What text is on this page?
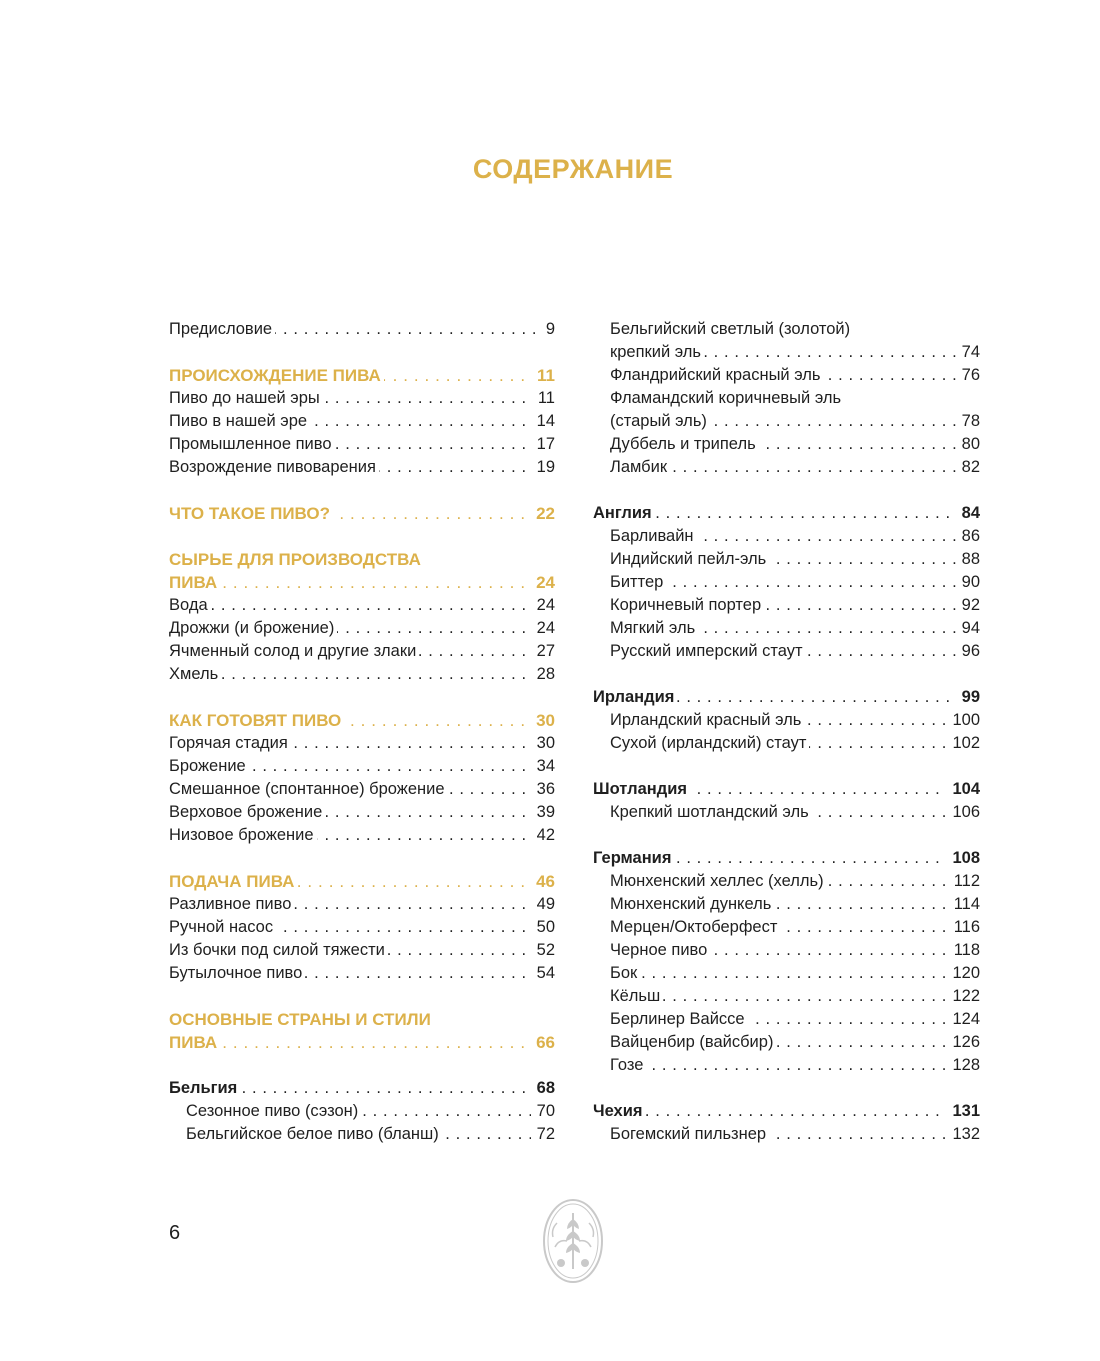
СОДЕРЖАНИЕ
Предисловие	9
. . .
ПРОИСХОЖДЕНИЕ ПИВА	11
. . .
Пиво до нашей эры	11
. . .
Пиво в нашей эре	14
. . .
Промышленное пиво	17
. . .
Возрождение пивоварения	19
. . .
ЧТО ТАКОЕ ПИВО?	22
. . .
СЫРЬЕ ДЛЯ ПРОИЗВОДСТВА
ПИВА	24
. . .
Вода	24
. . .
Дрожжи (и брожение)	24
. . .
Ячменный солод и другие злаки	27
. . .
Хмель	28
. . .
КАК ГОТОВЯТ ПИВО	30
. . .
Горячая стадия	30
. . .
Брожение	34
. . .
Смешанное (спонтанное) брожение	36
. . .
Верховое брожение	39
. . .
Низовое брожение	42
. . .
ПОДАЧА ПИВА	46
. . .
Разливное пиво	49
. . .
Ручной насос	50
. . .
Из бочки под силой тяжести	52
. . .
Бутылочное пиво	54
. . .
ОСНОВНЫЕ СТРАНЫ И СТИЛИ
ПИВА	66
. . .
Бельгия	68
. . .
Сезонное пиво (сэзон)	70
. . .
Бельгийское белое пиво (бланш)	72
. . .
Бельгийский светлый (золотой)
крепкий эль	74
. . .
Фландрийский красный эль	76
. . .
Фламандский коричневый эль
(старый эль)	78
. . .
Дуббель и трипель	80
. . .
Ламбик	82
. . .
Англия	84
. . .
Барливайн	86
. . .
Индийский пейл-эль	88
. . .
Биттер	90
. . .
Коричневый портер	92
. . .
Мягкий эль	94
. . .
Русский имперский стаут	96
. . .
Ирландия	99
. . .
Ирландский красный эль	100
. . .
Сухой (ирландский) стаут	102
. . .
Шотландия	104
. . .
Крепкий шотландский эль	106
. . .
Германия	108
. . .
Мюнхенский хеллес (хелль)	112
. . .
Мюнхенский дункель	114
. . .
Мерцен/Октоберфест	116
. . .
Черное пиво	118
. . .
Бок	120
. . .
Кёльш	122
. . .
Берлинер Вайссе	124
. . .
Вайценбир (вайсбир)	126
. . .
Гозе	128
. . .
Чехия	131
. . .
Богемский пильзнер	132
. . .
6
